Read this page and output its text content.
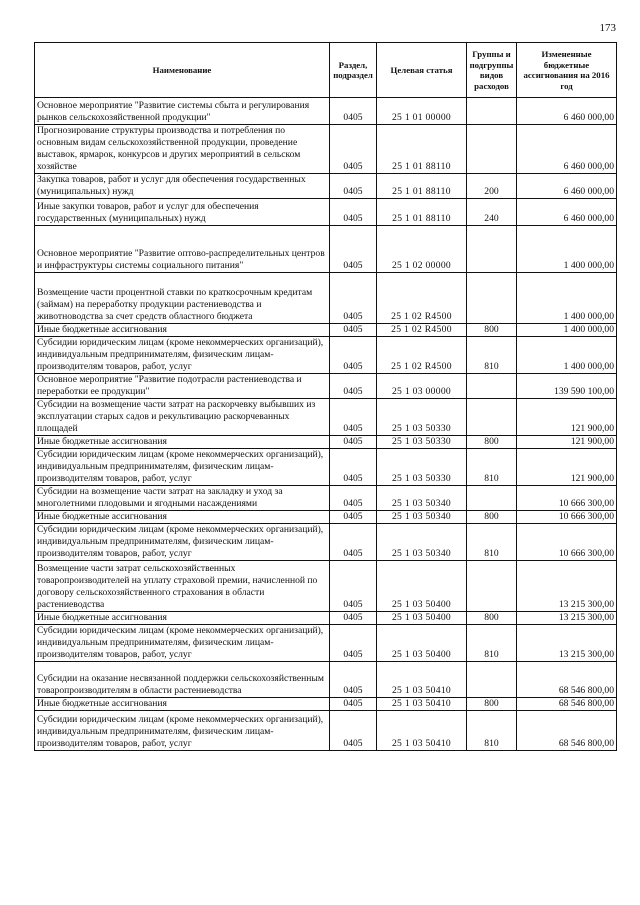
173
Наименование	Раздел, подраздел	Целевая статья	Группы и подгруппы видов расходов	Измененные бюджетные ассигнования на 2016 год
Основное мероприятие "Развитие системы сбыта и регулирования рынков сельскохозяйственной продукции"	0405	25 1 01 00000		6 460 000,00
Прогнозирование структуры производства и потребления по основным видам сельскохозяйственной продукции, проведение выставок, ярмарок, конкурсов и других мероприятий в сельском хозяйстве	0405	25 1 01 88110		6 460 000,00
Закупка товаров, работ и услуг для обеспечения государственных (муниципальных) нужд	0405	25 1 01 88110	200	6 460 000,00
Иные закупки товаров, работ и услуг для обеспечения государственных (муниципальных) нужд	0405	25 1 01 88110	240	6 460 000,00
Основное мероприятие "Развитие оптово-распределительных центров и инфраструктуры системы социального питания"	0405	25 1 02 00000		1 400 000,00
Возмещение части процентной ставки по краткосрочным кредитам (займам) на переработку продукции растениеводства и животноводства за счет средств областного бюджета	0405	25 1 02 R4500		1 400 000,00
Иные бюджетные ассигнования	0405	25 1 02 R4500	800	1 400 000,00
Субсидии юридическим лицам (кроме некоммерческих организаций), индивидуальным предпринимателям, физическим лицам-производителям товаров, работ, услуг	0405	25 1 02 R4500	810	1 400 000,00
Основное мероприятие "Развитие подотрасли растениеводства и переработки ее продукции"	0405	25 1 03 00000		139 590 100,00
Субсидии на возмещение части затрат на раскорчевку выбывших из эксплуатации старых садов и рекультивацию раскорчеванных площадей	0405	25 1 03 50330		121 900,00
Иные бюджетные ассигнования	0405	25 1 03 50330	800	121 900,00
Субсидии юридическим лицам (кроме некоммерческих организаций), индивидуальным предпринимателям, физическим лицам-производителям товаров, работ, услуг	0405	25 1 03 50330	810	121 900,00
Субсидии на возмещение части затрат на закладку и уход за многолетними плодовыми и ягодными насаждениями	0405	25 1 03 50340		10 666 300,00
Иные бюджетные ассигнования	0405	25 1 03 50340	800	10 666 300,00
Субсидии юридическим лицам (кроме некоммерческих организаций), индивидуальным предпринимателям, физическим лицам-производителям товаров, работ, услуг	0405	25 1 03 50340	810	10 666 300,00
Возмещение части затрат сельскохозяйственных товаропроизводителей на уплату страховой премии, начисленной по договору сельскохозяйственного страхования в области растениеводства	0405	25 1 03 50400		13 215 300,00
Иные бюджетные ассигнования	0405	25 1 03 50400	800	13 215 300,00
Субсидии юридическим лицам (кроме некоммерческих организаций), индивидуальным предпринимателям, физическим лицам-производителям товаров, работ, услуг	0405	25 1 03 50400	810	13 215 300,00
Субсидии на оказание несвязанной поддержки сельскохозяйственным товаропроизводителям в области растениеводства	0405	25 1 03 50410		68 546 800,00
Иные бюджетные ассигнования	0405	25 1 03 50410	800	68 546 800,00
Субсидии юридическим лицам (кроме некоммерческих организаций), индивидуальным предпринимателям, физическим лицам-производителям товаров, работ, услуг	0405	25 1 03 50410	810	68 546 800,00
